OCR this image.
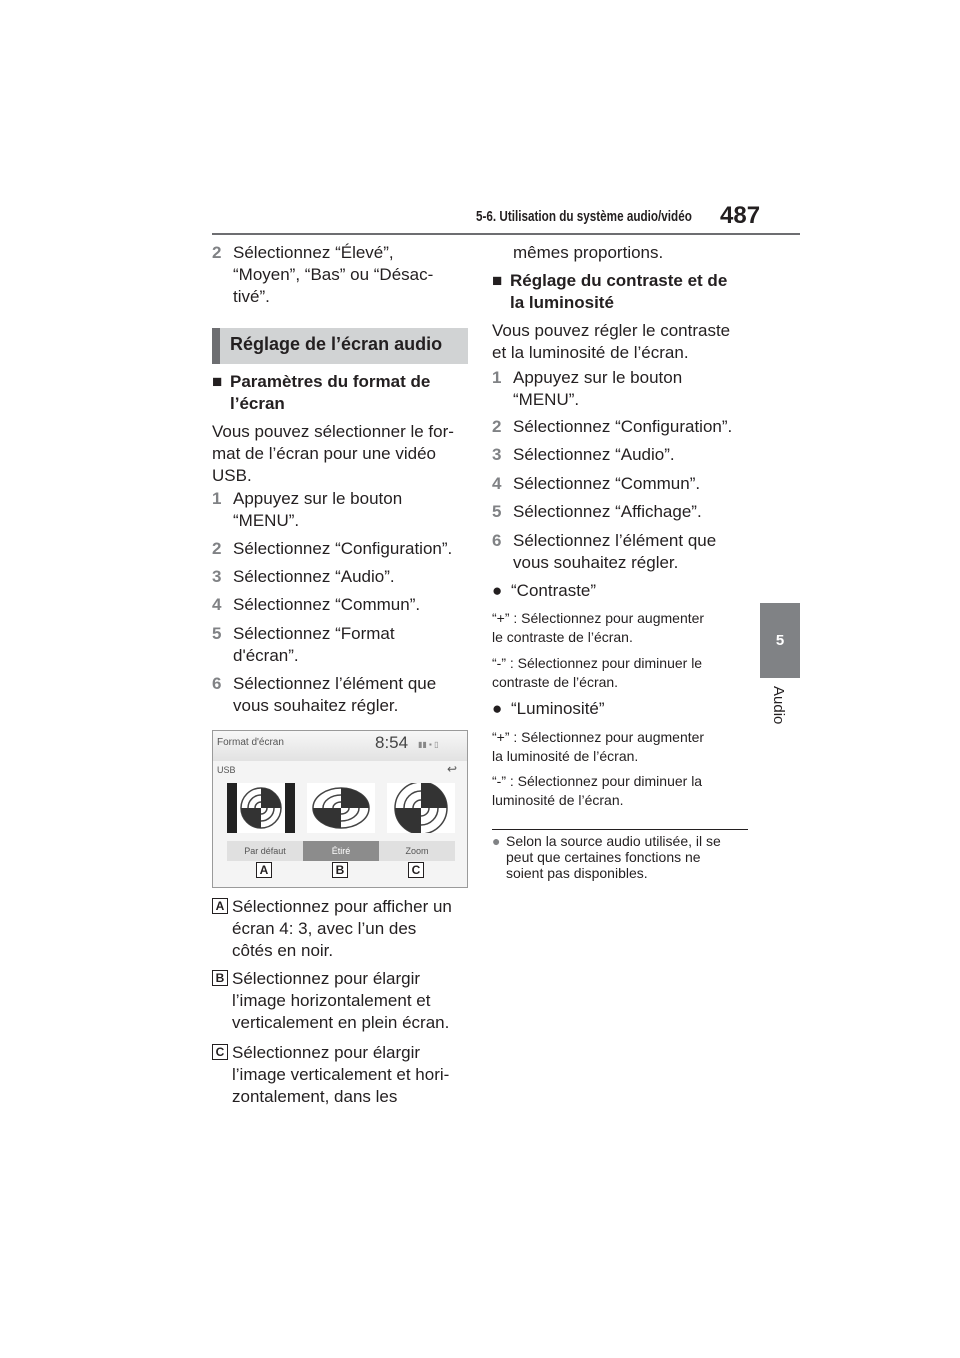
5-6. Utilisation du système audio/vidéo 487
5
Audio
2 Sélectionnez “Élevé”,
“Moyen”, “Bas” ou “Désac-
tivé”.
Réglage de l’écran audio
■ Paramètres du format de
l’écran
Vous pouvez sélectionner le for-
mat de l’écran pour une vidéo
USB.
1 Appuyez sur le bouton
“MENU”.
2 Sélectionnez “Configuration”.
3 Sélectionnez “Audio”.
4 Sélectionnez “Commun”.
5 Sélectionnez “Format
d'écran”.
6 Sélectionnez l’élément que
vous souhaitez régler.
Format d'écran	8:54 ▮▮ ▪ ▯
USB	↩
Par défaut	Étiré	Zoom
A	B	C
A Sélectionnez pour afficher un
écran 4: 3, avec l’un des
côtés en noir.
B Sélectionnez pour élargir
l’image horizontalement et
verticalement en plein écran.
C Sélectionnez pour élargir
l’image verticalement et hori-
zontalement, dans les
mêmes proportions.
■ Réglage du contraste et de
la luminosité
Vous pouvez régler le contraste
et la luminosité de l’écran.
1 Appuyez sur le bouton
“MENU”.
2 Sélectionnez “Configuration”.
3 Sélectionnez “Audio”.
4 Sélectionnez “Commun”.
5 Sélectionnez “Affichage”.
6 Sélectionnez l’élément que
vous souhaitez régler.
● “Contraste”
“+” : Sélectionnez pour augmenter
le contraste de l’écran.
“-” : Sélectionnez pour diminuer le
contraste de l’écran.
● “Luminosité”
“+” : Sélectionnez pour augmenter
la luminosité de l’écran.
“-” : Sélectionnez pour diminuer la
luminosité de l’écran.
● Selon la source audio utilisée, il se
peut que certaines fonctions ne
soient pas disponibles.
